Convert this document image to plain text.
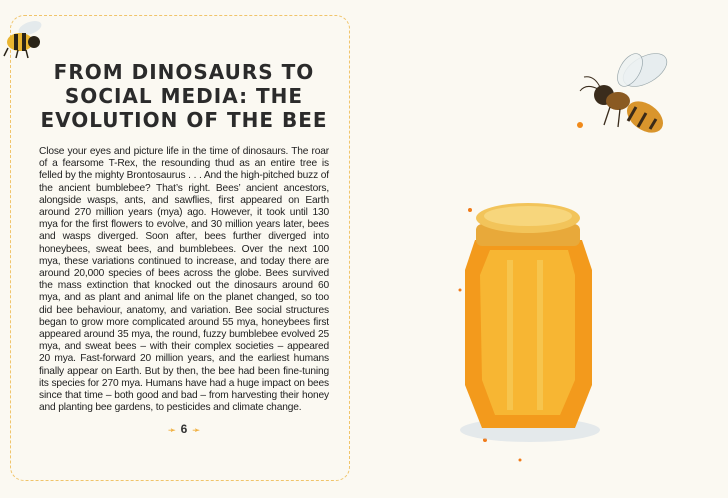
FROM DINOSAURS TO
SOCIAL MEDIA: THE
EVOLUTION OF THE BEE
Close your eyes and picture life in the time of dinosaurs. The roar of a fearsome T-Rex, the resounding thud as an entire tree is felled by the mighty Brontosaurus . . . And the high-pitched buzz of the ancient bumblebee? That’s right. Bees’ ancient ancestors, alongside wasps, ants, and sawflies, first appeared on Earth around 270 million years (mya) ago. However, it took until 130 mya for the first flowers to evolve, and 30 million years later, bees and wasps diverged. Soon after, bees further diverged into honeybees, sweat bees, and bumblebees. Over the next 100 mya, these variations continued to increase, and today there are around 20,000 species of bees across the globe. Bees survived the mass extinction that knocked out the dinosaurs around 60 mya, and as plant and animal life on the planet changed, so too did bee behaviour, anatomy, and variation. Bee social structures began to grow more complicated around 55 mya, honeybees first appeared around 35 mya, the round, fuzzy bumblebee evolved 25 mya, and sweat bees – with their complex societies – appeared 20 mya. Fast-forward 20 million years, and the earliest humans finally appear on Earth. But by then, the bee had been fine-tuning its species for 270 mya. Humans have had a huge impact on bees since that time – both good and bad – from harvesting their honey and planting bee gardens, to pesticides and climate change.
➛ 6 ➛
